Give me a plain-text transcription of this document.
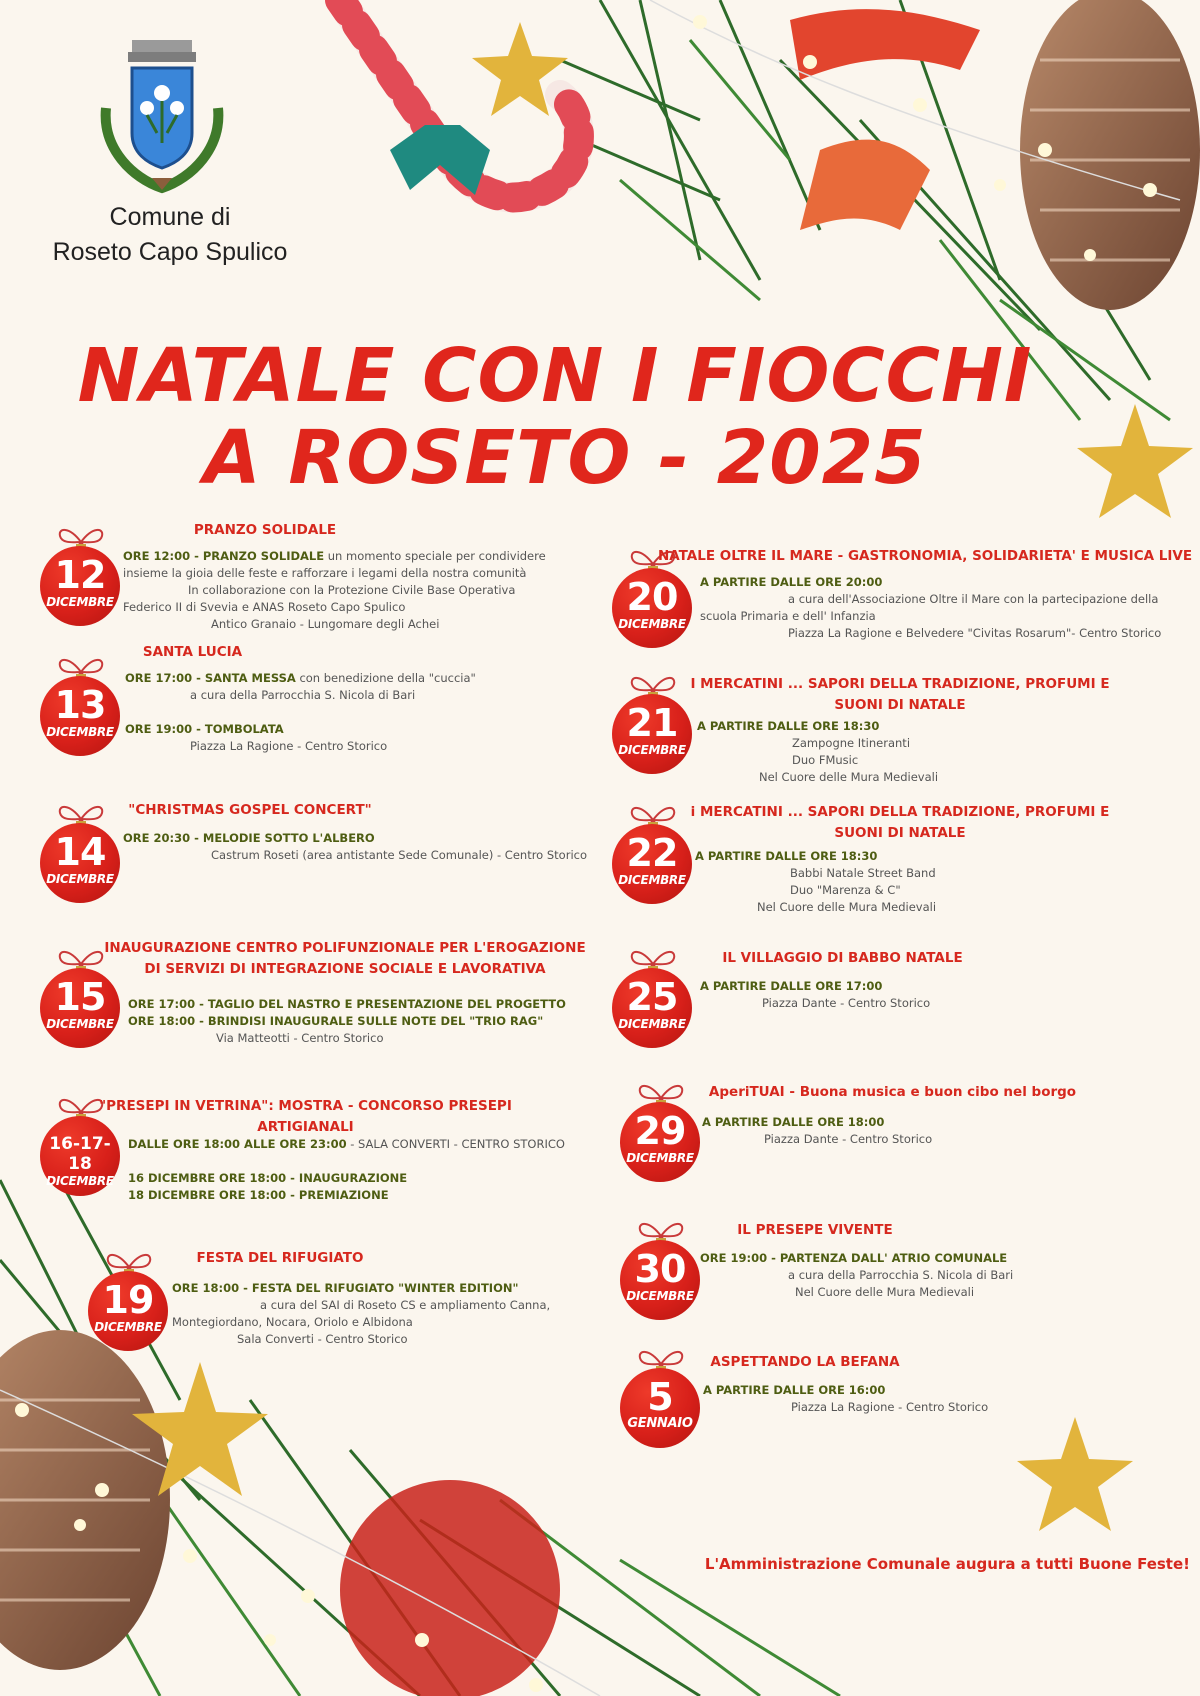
Comune di
Roseto Capo Spulico
NATALE CON I FIOCCHI
A ROSETO - 2025
12
DICEMBRE
PRANZO SOLIDALE
ORE 12:00 - PRANZO SOLIDALE un momento speciale per condividere
insieme la gioia delle feste e rafforzare i legami della nostra comunità
In collaborazione con la Protezione Civile Base Operativa
Federico II di Svevia e ANAS Roseto Capo Spulico
Antico Granaio - Lungomare degli Achei
13
DICEMBRE
SANTA LUCIA
ORE 17:00 - SANTA MESSA con benedizione della "cuccia"
a cura della Parrocchia S. Nicola di Bari

ORE 19:00 - TOMBOLATA
Piazza La Ragione - Centro Storico
14
DICEMBRE
"CHRISTMAS GOSPEL CONCERT"
ORE 20:30 - MELODIE SOTTO L'ALBERO
Castrum Roseti (area antistante Sede Comunale) - Centro Storico
15
DICEMBRE
INAUGURAZIONE CENTRO POLIFUNZIONALE PER L'EROGAZIONE
DI SERVIZI DI INTEGRAZIONE SOCIALE E LAVORATIVA
ORE 17:00 - TAGLIO DEL NASTRO E PRESENTAZIONE DEL PROGETTO
ORE 18:00 - BRINDISI INAUGURALE SULLE NOTE DEL "TRIO RAG"
Via Matteotti - Centro Storico
16-17-18
DICEMBRE
"PRESEPI IN VETRINA": MOSTRA - CONCORSO PRESEPI
ARTIGIANALI
DALLE ORE 18:00 ALLE ORE 23:00 - SALA CONVERTI - CENTRO STORICO

16 DICEMBRE ORE 18:00 - INAUGURAZIONE
18 DICEMBRE ORE 18:00 - PREMIAZIONE
19
DICEMBRE
FESTA DEL RIFUGIATO
ORE 18:00 - FESTA DEL RIFUGIATO "WINTER EDITION"
a cura del SAI di Roseto CS e ampliamento Canna,
Montegiordano, Nocara, Oriolo e Albidona
Sala Converti - Centro Storico
20
DICEMBRE
NATALE OLTRE IL MARE - GASTRONOMIA, SOLIDARIETA' E MUSICA LIVE
A PARTIRE DALLE ORE 20:00
a cura dell'Associazione Oltre il Mare con la partecipazione della
scuola Primaria e dell' Infanzia
Piazza La Ragione e Belvedere "Civitas Rosarum"- Centro Storico
21
DICEMBRE
I MERCATINI ... SAPORI DELLA TRADIZIONE, PROFUMI E
SUONI DI NATALE
A PARTIRE DALLE ORE 18:30
Zampogne Itineranti
Duo FMusic
Nel Cuore delle Mura Medievali
22
DICEMBRE
i MERCATINI ... SAPORI DELLA TRADIZIONE, PROFUMI E
SUONI DI NATALE
A PARTIRE DALLE ORE 18:30
Babbi Natale Street Band
Duo "Marenza & C"
Nel Cuore delle Mura Medievali
25
DICEMBRE
IL VILLAGGIO DI BABBO NATALE
A PARTIRE DALLE ORE 17:00
Piazza Dante - Centro Storico
29
DICEMBRE
AperiTUAI - Buona musica e buon cibo nel borgo
A PARTIRE DALLE ORE 18:00
Piazza Dante - Centro Storico
30
DICEMBRE
IL PRESEPE VIVENTE
ORE 19:00 - PARTENZA DALL' ATRIO COMUNALE
a cura della Parrocchia S. Nicola di Bari
Nel Cuore delle Mura Medievali
5
GENNAIO
ASPETTANDO LA BEFANA
A PARTIRE DALLE ORE 16:00
Piazza La Ragione - Centro Storico
L'Amministrazione Comunale augura a tutti Buone Feste!
